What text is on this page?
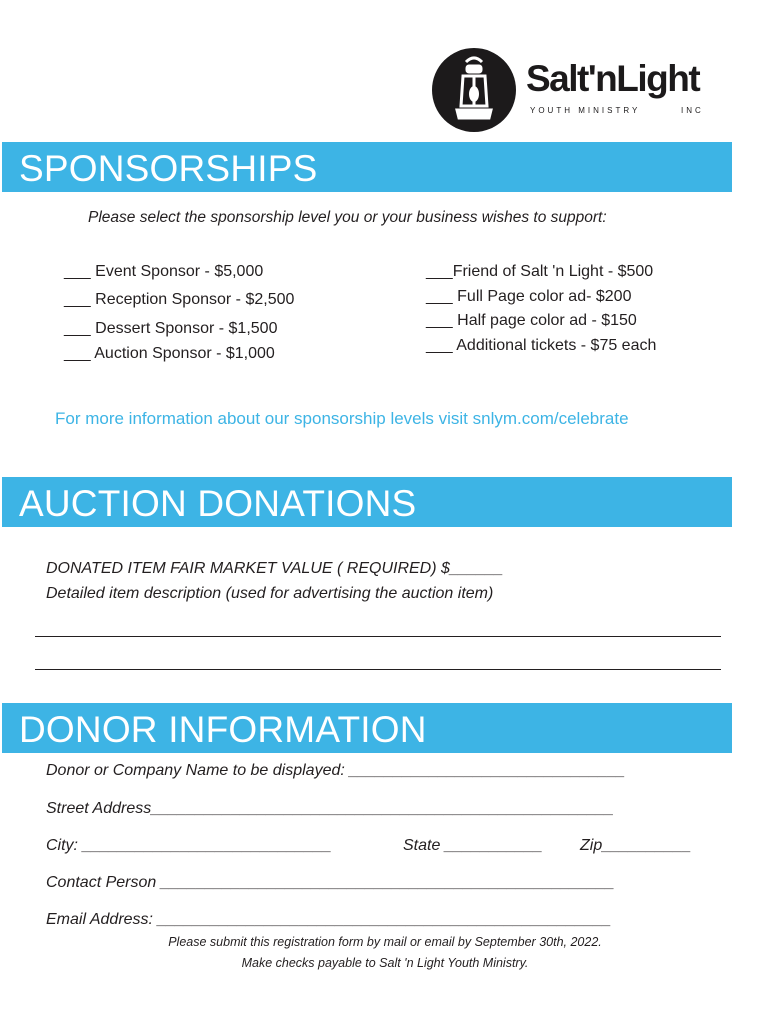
Salt'nLight
YOUTH MINISTRY	INC
SPONSORSHIPS
Please select the sponsorship level you or your business wishes to support:
___ Event Sponsor - $5,000
___ Reception Sponsor - $2,500
___ Dessert Sponsor - $1,500
___ Auction Sponsor - $1,000
___Friend of Salt 'n Light - $500
___ Full Page color ad- $200
___ Half page color ad - $150
___ Additional tickets - $75 each
For more information about our sponsorship levels visit snlym.com/celebrate
AUCTION DONATIONS
DONATED ITEM FAIR MARKET VALUE ( REQUIRED) $______
Detailed item description (used for advertising the auction item)
DONOR INFORMATION
Donor or Company Name to be displayed: _______________________________
Street Address____________________________________________________
City: ____________________________	State ___________ Zip__________
Contact Person ___________________________________________________
Email Address: ___________________________________________________
Please submit this registration form by mail or email by September 30th, 2022.
Make checks payable to Salt 'n Light Youth Ministry.
